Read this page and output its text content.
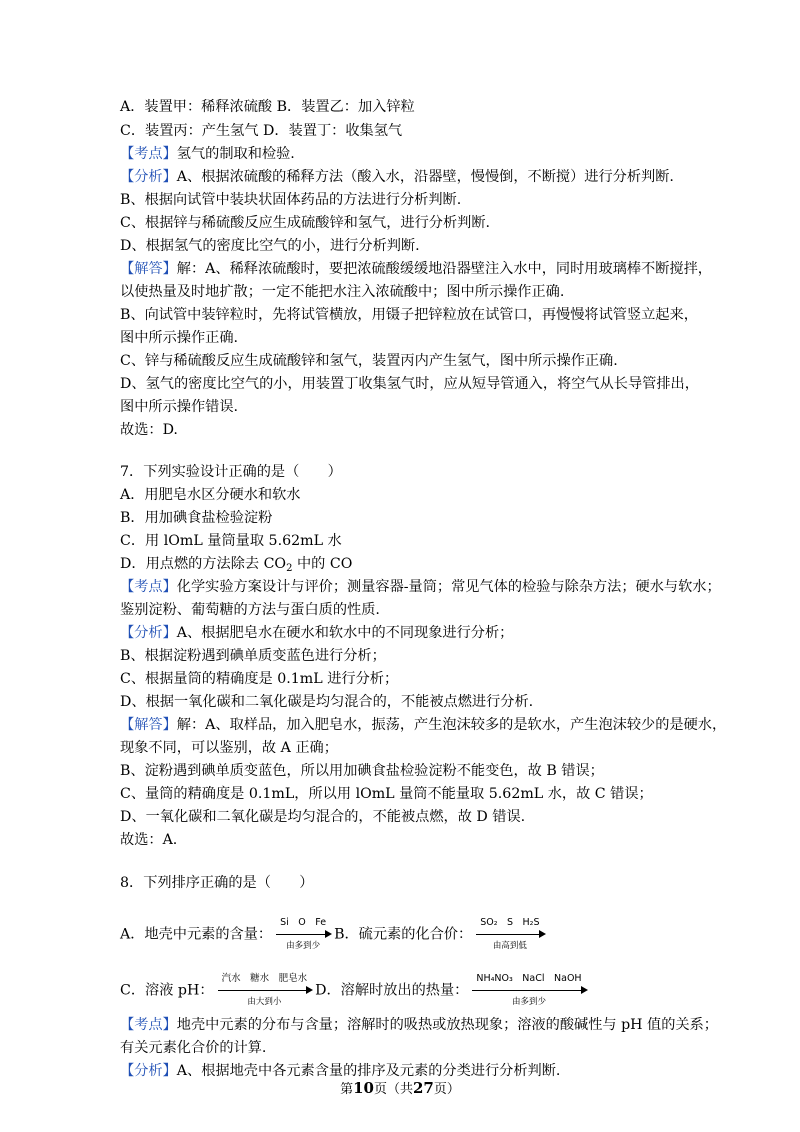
A．装置甲：稀释浓硫酸 B．装置乙：加入锌粒
C．装置丙：产生氢气 D．装置丁：收集氢气
【考点】氢气的制取和检验.
【分析】A、根据浓硫酸的稀释方法（酸入水，沿器壁，慢慢倒，不断搅）进行分析判断.
B、根据向试管中装块状固体药品的方法进行分析判断.
C、根据锌与稀硫酸反应生成硫酸锌和氢气，进行分析判断.
D、根据氢气的密度比空气的小，进行分析判断.
【解答】解：A、稀释浓硫酸时，要把浓硫酸缓缓地沿器壁注入水中，同时用玻璃棒不断搅拌，
以使热量及时地扩散；一定不能把水注入浓硫酸中；图中所示操作正确.
B、向试管中装锌粒时，先将试管横放，用镊子把锌粒放在试管口，再慢慢将试管竖立起来，
图中所示操作正确.
C、锌与稀硫酸反应生成硫酸锌和氢气，装置丙内产生氢气，图中所示操作正确.
D、氢气的密度比空气的小，用装置丁收集氢气时，应从短导管通入，将空气从长导管排出，
图中所示操作错误.
故选：D.
7．下列实验设计正确的是（　　）
A．用肥皂水区分硬水和软水
B．用加碘食盐检验淀粉
C．用 lOmL 量筒量取 5.62mL 水
D．用点燃的方法除去 $CO_2$ 中的 CO
【考点】化学实验方案设计与评价；测量容器-量筒；常见气体的检验与除杂方法；硬水与软水；
鉴别淀粉、葡萄糖的方法与蛋白质的性质.
【分析】A、根据肥皂水在硬水和软水中的不同现象进行分析；
B、根据淀粉遇到碘单质变蓝色进行分析；
C、根据量筒的精确度是 0.1mL 进行分析；
D、根据一氧化碳和二氧化碳是均匀混合的，不能被点燃进行分析.
【解答】解：A、取样品，加入肥皂水，振荡，产生泡沫较多的是软水，产生泡沫较少的是硬水，
现象不同，可以鉴别，故 A 正确；
B、淀粉遇到碘单质变蓝色，所以用加碘食盐检验淀粉不能变色，故 B 错误；
C、量筒的精确度是 0.1mL，所以用 lOmL 量筒不能量取 5.62mL 水，故 C 错误；
D、一氧化碳和二氧化碳是均匀混合的，不能被点燃，故 D 错误.
故选：A.
8．下列排序正确的是（　　）
A．地壳中元素的含量：
Si　O　Fe
由多到少
B．硫元素的化合价：
SO₂　S　H₂S
由高到低
C．溶液 pH：
汽水　糖水　肥皂水
由大到小
D．溶解时放出的热量：
NH₄NO₃　NaCl　NaOH
由多到少
【考点】地壳中元素的分布与含量；溶解时的吸热或放热现象；溶液的酸碱性与 pH 值的关系；
第10页（共27页）
有关元素化合价的计算.
【分析】A、根据地壳中各元素含量的排序及元素的分类进行分析判断.
